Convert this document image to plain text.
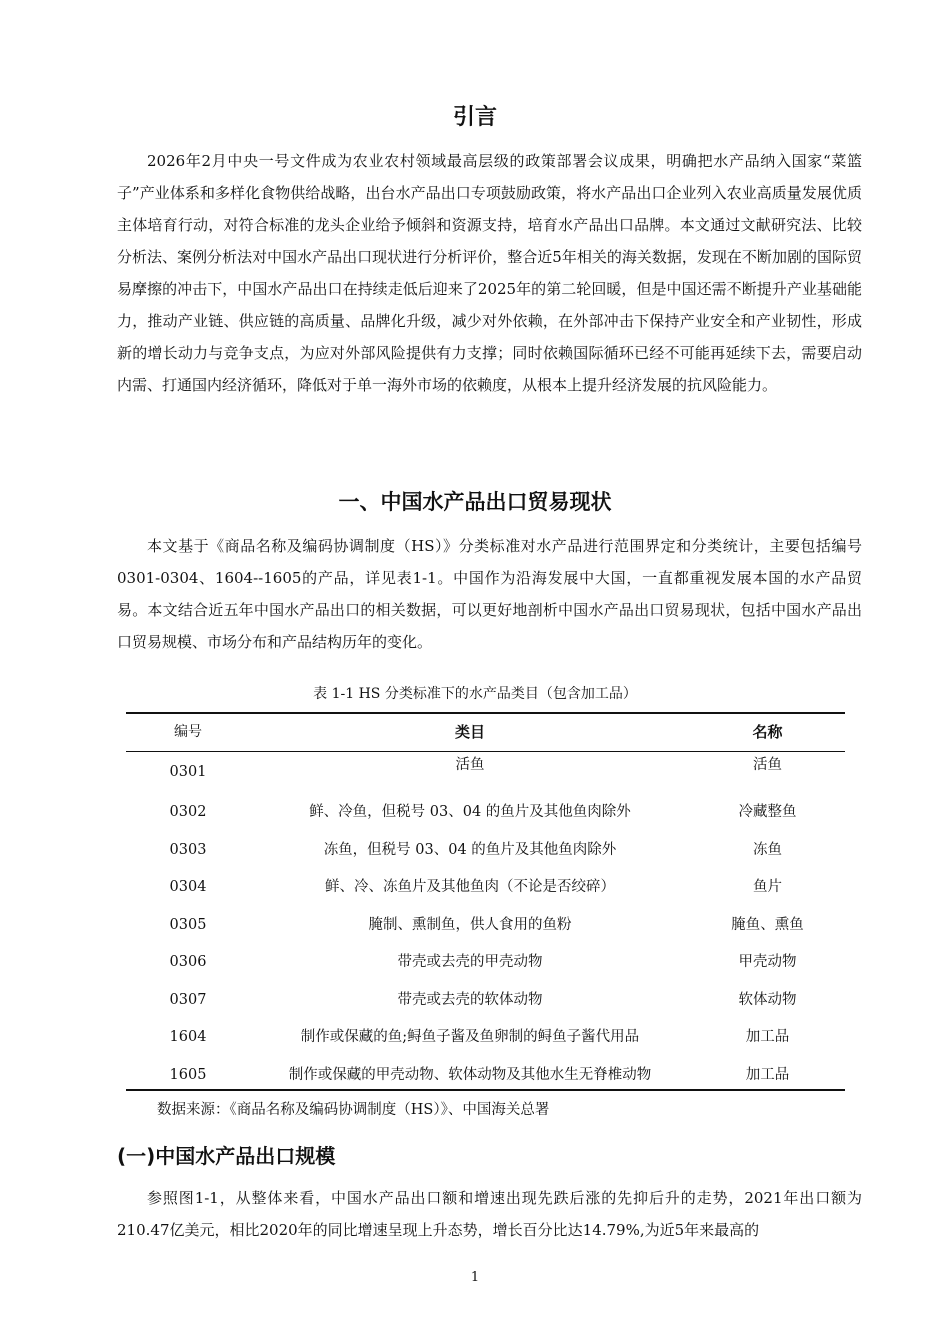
引言
2026年2月中央一号文件成为农业农村领域最高层级的政策部署会议成果，明确把水产品纳入国家“菜篮子”产业体系和多样化食物供给战略，出台水产品出口专项鼓励政策，将水产品出口企业列入农业高质量发展优质主体培育行动，对符合标准的龙头企业给予倾斜和资源支持，培育水产品出口品牌。本文通过文献研究法、比较分析法、案例分析法对中国水产品出口现状进行分析评价，整合近5年相关的海关数据，发现在不断加剧的国际贸易摩擦的冲击下，中国水产品出口在持续走低后迎来了2025年的第二轮回暖，但是中国还需不断提升产业基础能力，推动产业链、供应链的高质量、品牌化升级，减少对外依赖，在外部冲击下保持产业安全和产业韧性，形成新的增长动力与竞争支点，为应对外部风险提供有力支撑；同时依赖国际循环已经不可能再延续下去，需要启动内需、打通国内经济循环，降低对于单一海外市场的依赖度，从根本上提升经济发展的抗风险能力。
一、中国水产品出口贸易现状
本文基于《商品名称及编码协调制度（HS）》分类标准对水产品进行范围界定和分类统计，主要包括编号0301-0304、1604--1605的产品，详见表1-1。中国作为沿海发展中大国，一直都重视发展本国的水产品贸易。本文结合近五年中国水产品出口的相关数据，可以更好地剖析中国水产品出口贸易现状，包括中国水产品出口贸易规模、市场分布和产品结构历年的变化。
表 1-1 HS 分类标准下的水产品类目（包含加工品）
编号	类目	名称
0301	活鱼	活鱼
0302	鲜、冷鱼，但税号 03、04 的鱼片及其他鱼肉除外	冷藏整鱼
0303	冻鱼，但税号 03、04 的鱼片及其他鱼肉除外	冻鱼
0304	鲜、冷、冻鱼片及其他鱼肉（不论是否绞碎）	鱼片
0305	腌制、熏制鱼，供人食用的鱼粉	腌鱼、熏鱼
0306	带壳或去壳的甲壳动物	甲壳动物
0307	带壳或去壳的软体动物	软体动物
1604	制作或保藏的鱼;鲟鱼子酱及鱼卵制的鲟鱼子酱代用品	加工品
1605	制作或保藏的甲壳动物、软体动物及其他水生无脊椎动物	加工品
数据来源：《商品名称及编码协调制度（HS）》、中国海关总署
(一)中国水产品出口规模
参照图1-1，从整体来看，中国水产品出口额和增速出现先跌后涨的先抑后升的走势，2021年出口额为210.47亿美元，相比2020年的同比增速呈现上升态势，增长百分比达14.79%,为近5年来最高的
1
